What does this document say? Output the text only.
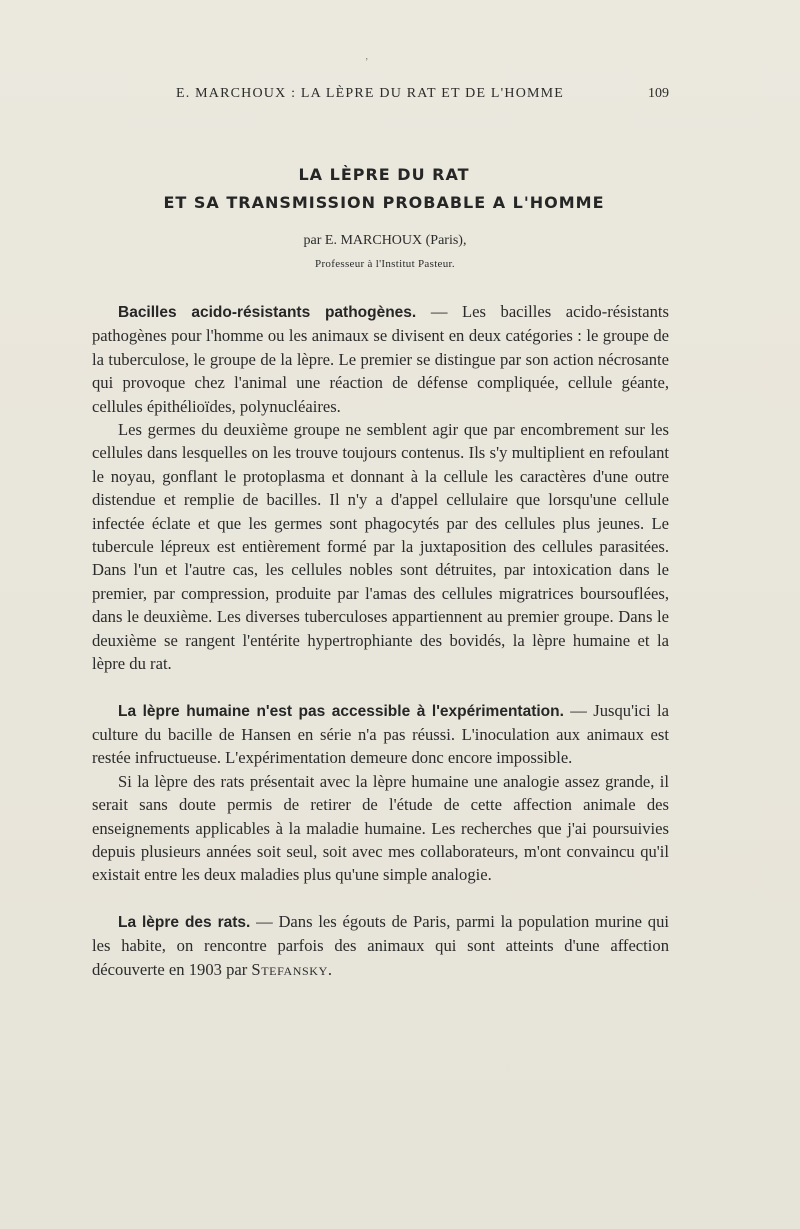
ʼ
E. MARCHOUX : LA LÈPRE DU RAT ET DE L'HOMME	109
LA LÈPRE DU RAT
ET SA TRANSMISSION PROBABLE A L'HOMME
par E. MARCHOUX (Paris),
Professeur à l'Institut Pasteur.

Bacilles acido-résistants pathogènes. — Les bacilles acido-résistants pathogènes pour l'homme ou les animaux se divisent en deux catégories : le groupe de la tuberculose, le groupe de la lèpre. Le premier se distingue par son action nécrosante qui provoque chez l'animal une réaction de défense compliquée, cellule géante, cellules épithélioïdes, polynucléaires.

Les germes du deuxième groupe ne semblent agir que par encombrement sur les cellules dans lesquelles on les trouve toujours contenus. Ils s'y multiplient en refoulant le noyau, gonflant le protoplasma et donnant à la cellule les caractères d'une outre distendue et remplie de bacilles. Il n'y a d'appel cellulaire que lorsqu'une cellule infectée éclate et que les germes sont phagocytés par des cellules plus jeunes. Le tubercule lépreux est entièrement formé par la juxtaposition des cellules parasitées. Dans l'un et l'autre cas, les cellules nobles sont détruites, par intoxication dans le premier, par compression, produite par l'amas des cellules migratrices boursouflées, dans le deuxième. Les diverses tuberculoses appartiennent au premier groupe. Dans le deuxième se rangent l'entérite hypertrophiante des bovidés, la lèpre humaine et la lèpre du rat.

La lèpre humaine n'est pas accessible à l'expérimentation. — Jusqu'ici la culture du bacille de Hansen en série n'a pas réussi. L'inoculation aux animaux est restée infructueuse. L'expérimentation demeure donc encore impossible.

Si la lèpre des rats présentait avec la lèpre humaine une analogie assez grande, il serait sans doute permis de retirer de l'étude de cette affection animale des enseignements applicables à la maladie humaine. Les recherches que j'ai poursuivies depuis plusieurs années soit seul, soit avec mes collaborateurs, m'ont convaincu qu'il existait entre les deux maladies plus qu'une simple analogie.

La lèpre des rats. — Dans les égouts de Paris, parmi la population murine qui les habite, on rencontre parfois des animaux qui sont atteints d'une affection découverte en 1903 par Stefansky.
